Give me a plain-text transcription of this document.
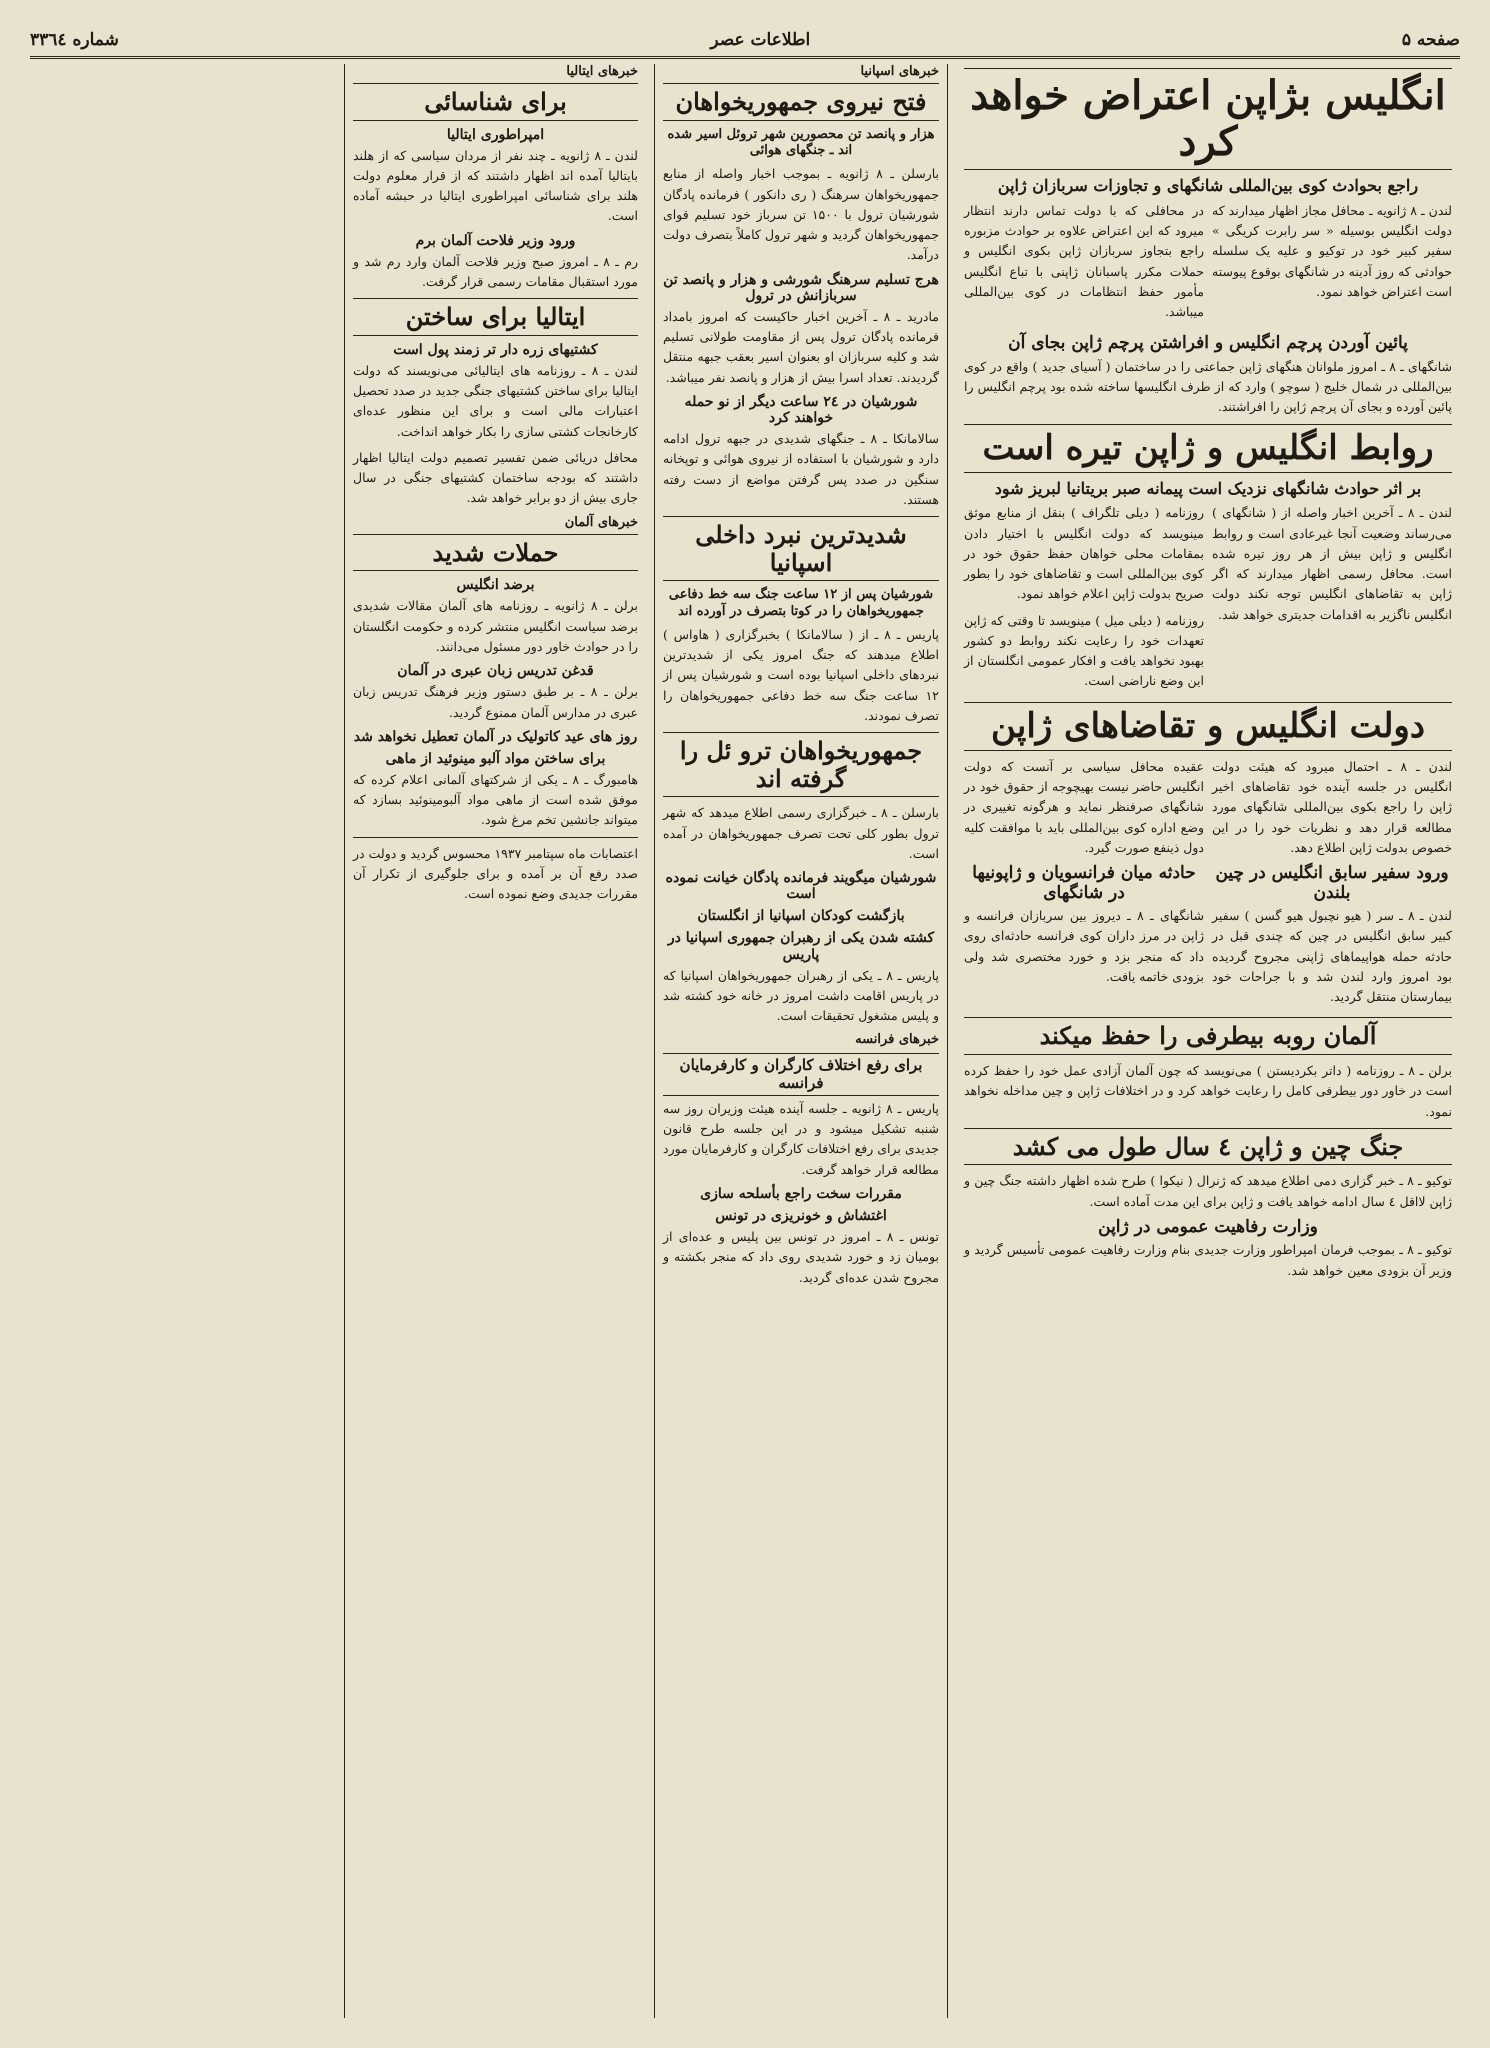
صفحه ۵
اطلاعات عصر
شماره ۳۳٦٤
انگلیس بژاپن اعتراض خواهد کرد
راجع بحوادث کوی بین‌المللی شانگهای و تجاوزات سربازان ژاپن

لندن ـ ۸ ژانویه ـ محافل مجاز اظهار میدارند که دولت انگلیس بوسیله « سر رابرت کریگی » سفیر کبیر خود در توکیو و علیه یک سلسله حوادثی که روز آدینه در شانگهای بوقوع پیوسته است اعتراض خواهد نمود.

در محافلی که با دولت تماس دارند انتظار میرود که این اعتراض علاوه بر حوادث مزبوره راجع بتجاوز سربازان ژاپن بکوی انگلیس و حملات مکرر پاسبانان ژاپنی با تباع انگلیس مأمور حفظ انتظامات در کوی بین‌المللی میباشد.

پائین آوردن پرچم انگلیس و افراشتن پرچم ژاپن بجای آن

شانگهای ـ ۸ ـ امروز ملوانان هنگهای ژاپن جماعتی را در ساختمان ( آسیای جدید ) واقع در کوی بین‌المللی در شمال خلیج ( سوچو ) وارد که از طرف انگلیسها ساخته شده بود پرچم انگلیس را پائین آورده و بجای آن پرچم ژاپن را افراشتند.

روابط انگلیس و ژاپن تیره است
بر اثر حوادث شانگهای نزدیک است پیمانه صبر بریتانیا لبریز شود

لندن ـ ۸ ـ آخرین اخبار واصله از ( شانگهای ) می‌رساند وضعیت آنجا غیرعادی است و روابط انگلیس و ژاپن بیش از هر روز تیره شده است. محافل رسمی اظهار میدارند که اگر ژاپن به تقاضاهای انگلیس توجه نکند دولت انگلیس ناگزیر به اقدامات جدیتری خواهد شد.

روزنامه ( دیلی تلگراف ) بنقل از منابع موثق مینویسد که دولت انگلیس با اختیار دادن بمقامات محلی خواهان حفظ حقوق خود در کوی بین‌المللی است و تقاضاهای خود را بطور صریح بدولت ژاپن اعلام خواهد نمود.

روزنامه ( دیلی میل ) مینویسد تا وقتی که ژاپن تعهدات خود را رعایت نکند روابط دو کشور بهبود نخواهد یافت و افکار عمومی انگلستان از این وضع ناراضی است.

دولت انگلیس و تقاضاهای ژاپن

لندن ـ ۸ ـ احتمال میرود که هیئت دولت انگلیس در جلسه آینده خود تقاضاهای اخیر ژاپن را راجع بکوی بین‌المللی شانگهای مورد مطالعه قرار دهد و نظریات خود را در این خصوص بدولت ژاپن اطلاع دهد.

ورود سفیر سابق انگلیس در چین بلندن

لندن ـ ۸ ـ سر ( هیو نچبول هیو گسن ) سفیر کبیر سابق انگلیس در چین که چندی قبل در حادثه حمله هواپیماهای ژاپنی مجروح گردیده بود امروز وارد لندن شد و با جراحات خود بیمارستان منتقل گردید.

عقیده محافل سیاسی بر آنست که دولت انگلیس حاضر نیست بهیچوجه از حقوق خود در شانگهای صرفنظر نماید و هرگونه تغییری در وضع اداره کوی بین‌المللی باید با موافقت کلیه دول ذینفع صورت گیرد.

حادثه میان فرانسویان و ژاپونیها در شانگهای

شانگهای ـ ۸ ـ دیروز بین سربازان فرانسه و ژاپن در مرز داران کوی فرانسه حادثه‌ای روی داد که منجر بزد و خورد مختصری شد ولی بزودی خاتمه یافت.

آلمان روبه بیطرفی را حفظ میکند

برلن ـ ۸ ـ روزنامه ( داتر بکردیستن ) می‌نویسد که چون آلمان آزادی عمل خود را حفظ کرده است در خاور دور بیطرفی کامل را رعایت خواهد کرد و در اختلافات ژاپن و چین مداخله نخواهد نمود.

جنگ چین و ژاپن ٤ سال طول می کشد

توکیو ـ ۸ ـ خبر گزاری دمی اطلاع میدهد که ژنرال ( نیکوا ) طرح شده اظهار داشته جنگ چین و ژاپن لااقل ٤ سال ادامه خواهد یافت و ژاپن برای این مدت آماده است.

وزارت رفاهیت عمومی در ژاپن

توکیو ـ ۸ ـ بموجب فرمان امپراطور وزارت جدیدی بنام وزارت رفاهیت عمومی تأسیس گردید و وزیر آن بزودی معین خواهد شد.

خبرهای اسپانیا
فتح نیروی جمهوریخواهان
هزار و پانصد تن محصورین شهر تروئل اسیر شده اند ـ جنگهای هوائی

بارسلن ـ ۸ ژانویه ـ بموجب اخبار واصله از منابع جمهوریخواهان سرهنگ ( ری دانکور ) فرمانده پادگان شورشیان ترول با ۱۵۰۰ تن سرباز خود تسلیم قوای جمهوریخواهان گردید و شهر ترول کاملاً بتصرف دولت درآمد.

هرج تسلیم سرهنگ شورشی و هزار و پانصد تن سربازانش در ترول

مادرید ـ ۸ ـ آخرین اخبار حاکیست که امروز بامداد فرمانده پادگان ترول پس از مقاومت طولانی تسلیم شد و کلیه سربازان او بعنوان اسیر بعقب جبهه منتقل گردیدند. تعداد اسرا بیش از هزار و پانصد نفر میباشد.

شورشیان در ۲٤ ساعت دیگر از نو حمله خواهند کرد

سالامانکا ـ ۸ ـ جنگهای شدیدی در جبهه ترول ادامه دارد و شورشیان با استفاده از نیروی هوائی و توپخانه سنگین در صدد پس گرفتن مواضع از دست رفته هستند.

شدیدترین نبرد داخلی اسپانیا
شورشیان پس از ۱۲ ساعت جنگ سه خط دفاعی جمهوریخواهان را در کوتا بتصرف در آورده اند

پاریس ـ ۸ ـ از ( سالامانکا ) بخبرگزاری ( هاواس ) اطلاع میدهند که جنگ امروز یکی از شدیدترین نبردهای داخلی اسپانیا بوده است و شورشیان پس از ۱۲ ساعت جنگ سه خط دفاعی جمهوریخواهان را تصرف نمودند.

جمهوریخواهان ترو ئل را گرفته اند

بارسلن ـ ۸ ـ خبرگزاری رسمی اطلاع میدهد که شهر ترول بطور کلی تحت تصرف جمهوریخواهان در آمده است.

شورشیان میگویند فرمانده پادگان خیانت نموده است
بازگشت کودکان اسپانیا از انگلستان
کشته شدن یکی از رهبران جمهوری اسپانیا در پاریس

پاریس ـ ۸ ـ یکی از رهبران جمهوریخواهان اسپانیا که در پاریس اقامت داشت امروز در خانه خود کشته شد و پلیس مشغول تحقیقات است.

خبرهای فرانسه
برای رفع اختلاف کارگران و کارفرمایان فرانسه

پاریس ـ ۸ ژانویه ـ جلسه آینده هیئت وزیران روز سه شنبه تشکیل میشود و در این جلسه طرح قانون جدیدی برای رفع اختلافات کارگران و کارفرمایان مورد مطالعه قرار خواهد گرفت.

مقررات سخت راجع بأسلحه سازی
اغتشاش و خونریزی در تونس

تونس ـ ۸ ـ امروز در تونس بین پلیس و عده‌ای از بومیان زد و خورد شدیدی روی داد که منجر بکشته و مجروح شدن عده‌ای گردید.

خبرهای ایتالیا
برای شناسائی
امپراطوری ایتالیا

لندن ـ ۸ ژانویه ـ چند نفر از مردان سیاسی که از هلند بایتالیا آمده اند اظهار داشتند که از قرار معلوم دولت هلند برای شناسائی امپراطوری ایتالیا در حبشه آماده است.

ورود وزیر فلاحت آلمان برم

رم ـ ۸ ـ امروز صبح وزیر فلاحت آلمان وارد رم شد و مورد استقبال مقامات رسمی قرار گرفت.

ایتالیا برای ساختن
کشتیهای زره دار تر زمند پول است

لندن ـ ۸ ـ روزنامه های ایتالیائی می‌نویسند که دولت ایتالیا برای ساختن کشتیهای جنگی جدید در صدد تحصیل اعتبارات مالی است و برای این منظور عده‌ای کارخانجات کشتی سازی را بکار خواهد انداخت.

محافل دریائی ضمن تفسیر تصمیم دولت ایتالیا اظهار داشتند که بودجه ساختمان کشتیهای جنگی در سال جاری بیش از دو برابر خواهد شد.

خبرهای آلمان
حملات شدید
برضد انگلیس

برلن ـ ۸ ژانویه ـ روزنامه های آلمان مقالات شدیدی برضد سیاست انگلیس منتشر کرده و حکومت انگلستان را در حوادث خاور دور مسئول می‌دانند.

قدغن تدریس زبان عبری در آلمان

برلن ـ ۸ ـ بر طبق دستور وزیر فرهنگ تدریس زبان عبری در مدارس آلمان ممنوع گردید.

روز های عید کاتولیک در آلمان تعطیل نخواهد شد
برای ساختن مواد آلبو مینوئید از ماهی

هامبورگ ـ ۸ ـ یکی از شرکتهای آلمانی اعلام کرده که موفق شده است از ماهی مواد آلبومینوئید بسازد که میتواند جانشین تخم مرغ شود.

اعتصابات ماه سپتامبر ۱۹۳۷ محسوس گردید و دولت در صدد رفع آن بر آمده و برای جلوگیری از تکرار آن مقررات جدیدی وضع نموده است.
